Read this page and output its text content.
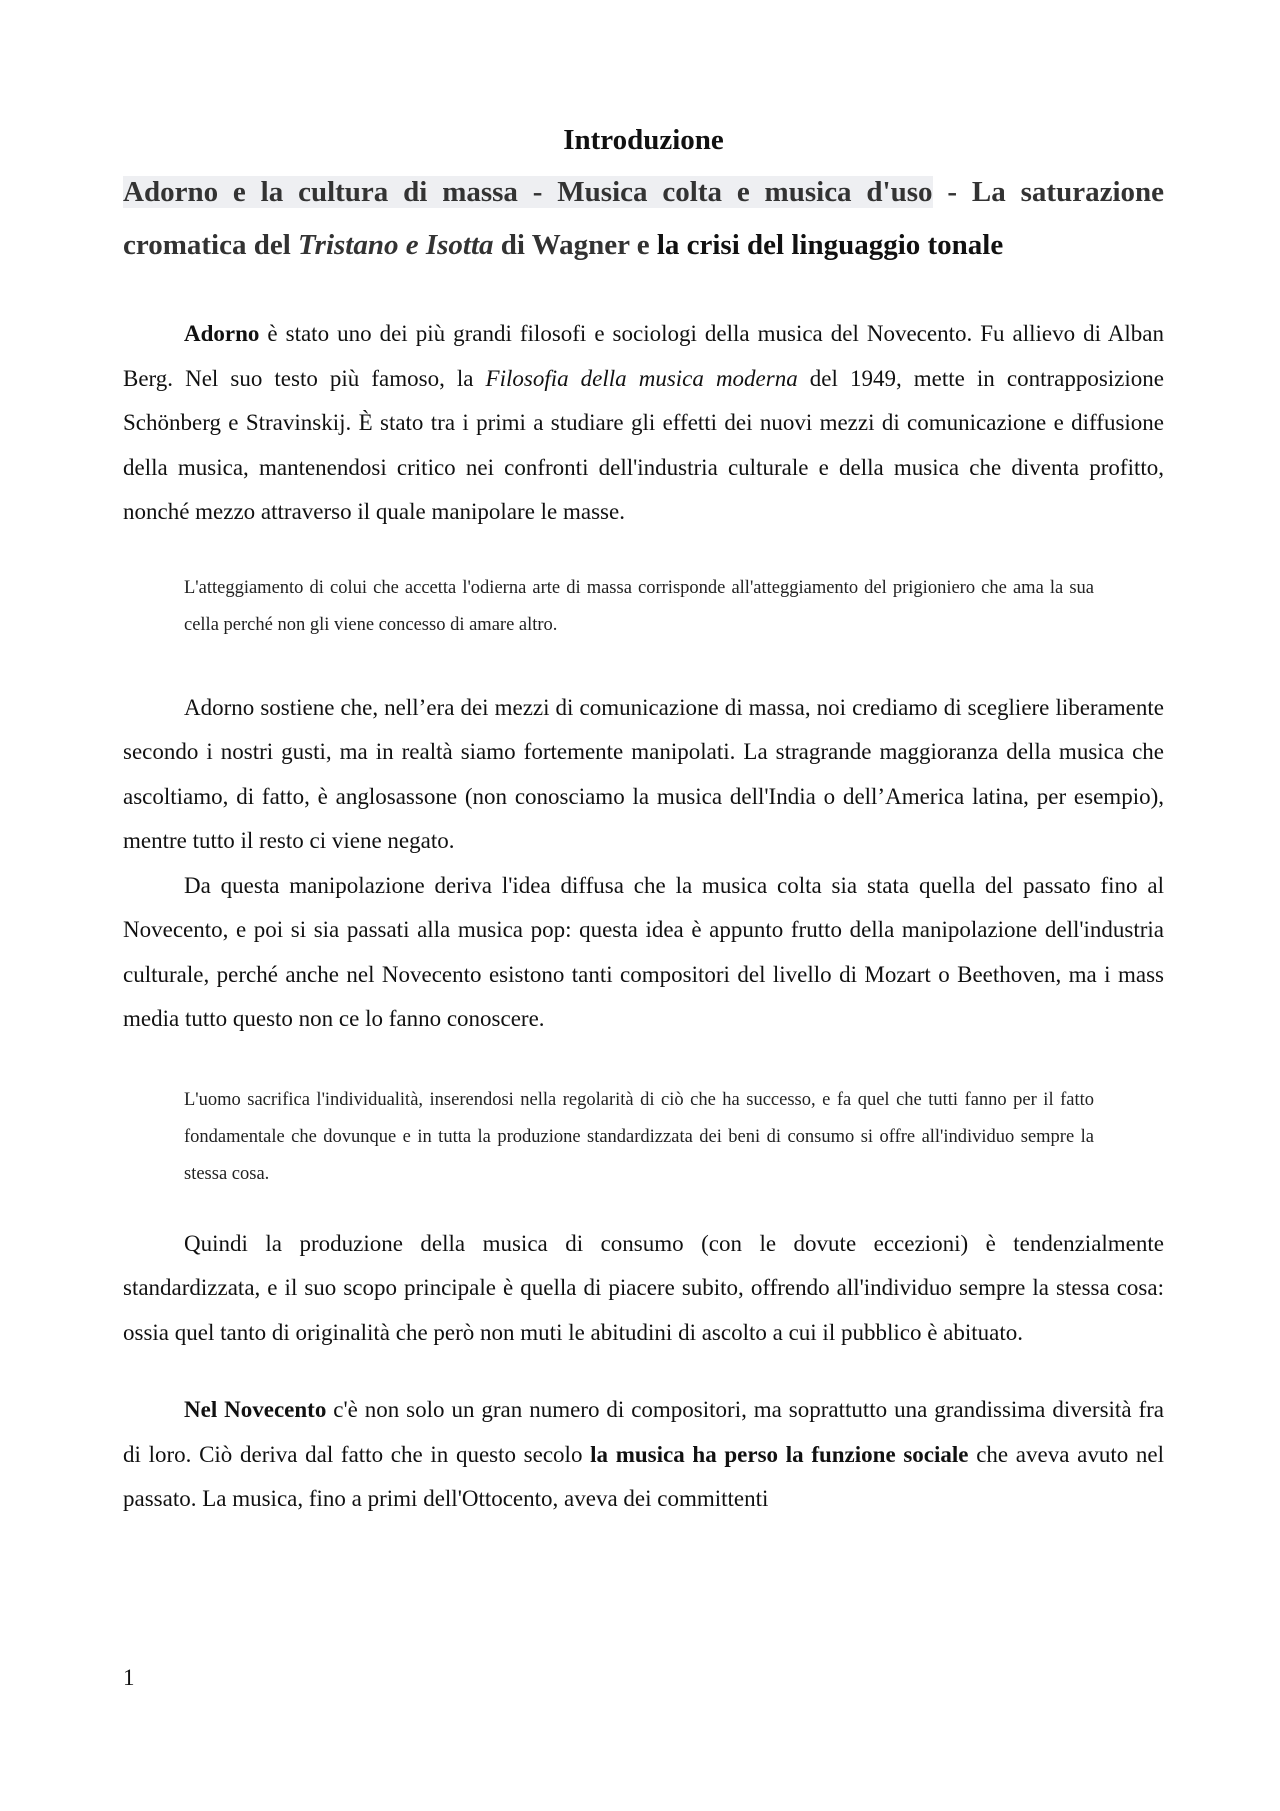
Introduzione

Adorno e la cultura di massa - Musica colta e musica d'uso - La saturazione cromatica del Tristano e Isotta di Wagner e la crisi del linguaggio tonale

Adorno è stato uno dei più grandi filosofi e sociologi della musica del Novecento. Fu allievo di Alban Berg. Nel suo testo più famoso, la Filosofia della musica moderna del 1949, mette in contrapposizione Schönberg e Stravinskij. È stato tra i primi a studiare gli effetti dei nuovi mezzi di comunicazione e diffusione della musica, mantenendosi critico nei confronti dell'industria culturale e della musica che diventa profitto, nonché mezzo attraverso il quale manipolare le masse.

L'atteggiamento di colui che accetta l'odierna arte di massa corrisponde all'atteggiamento del prigioniero che ama la sua cella perché non gli viene concesso di amare altro.

Adorno sostiene che, nell’era dei mezzi di comunicazione di massa, noi crediamo di scegliere liberamente secondo i nostri gusti, ma in realtà siamo fortemente manipolati. La stragrande maggioranza della musica che ascoltiamo, di fatto, è anglosassone (non conosciamo la musica dell'India o dell’America latina, per esempio), mentre tutto il resto ci viene negato.

Da questa manipolazione deriva l'idea diffusa che la musica colta sia stata quella del passato fino al Novecento, e poi si sia passati alla musica pop: questa idea è appunto frutto della manipolazione dell'industria culturale, perché anche nel Novecento esistono tanti compositori del livello di Mozart o Beethoven, ma i mass media tutto questo non ce lo fanno conoscere.

L'uomo sacrifica l'individualità, inserendosi nella regolarità di ciò che ha successo, e fa quel che tutti fanno per il fatto fondamentale che dovunque e in tutta la produzione standardizzata dei beni di consumo si offre all'individuo sempre la stessa cosa.

Quindi la produzione della musica di consumo (con le dovute eccezioni) è tendenzialmente standardizzata, e il suo scopo principale è quella di piacere subito, offrendo all'individuo sempre la stessa cosa: ossia quel tanto di originalità che però non muti le abitudini di ascolto a cui il pubblico è abituato.

Nel Novecento c'è non solo un gran numero di compositori, ma soprattutto una grandissima diversità fra di loro. Ciò deriva dal fatto che in questo secolo la musica ha perso la funzione sociale che aveva avuto nel passato. La musica, fino a primi dell'Ottocento, aveva dei committenti

1
